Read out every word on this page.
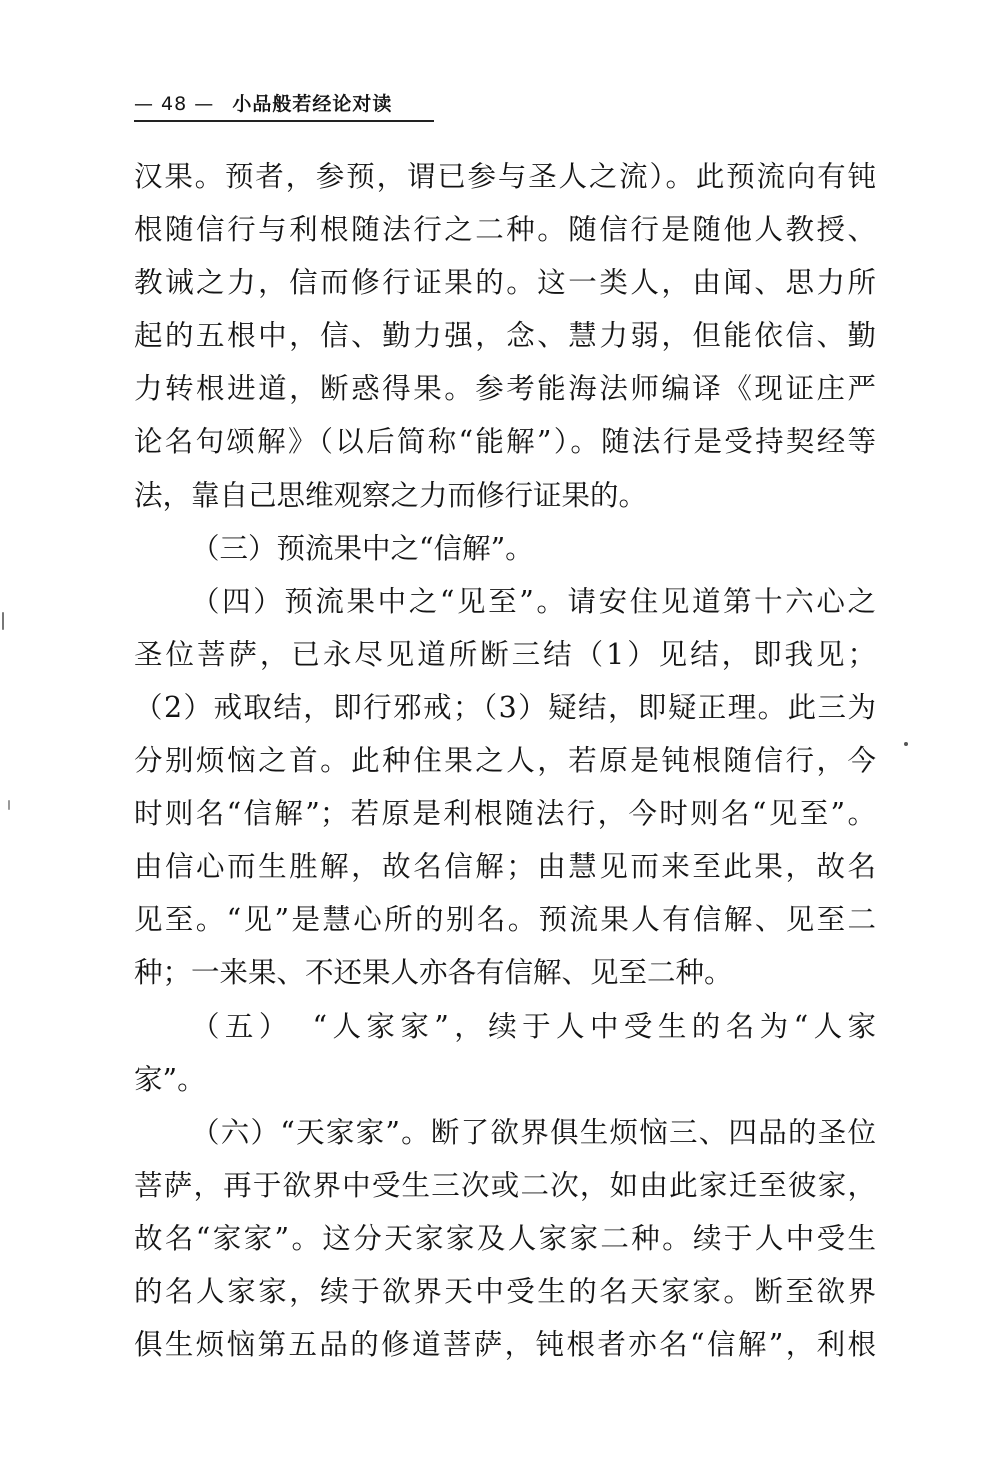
— 48 — 小品般若经论对读
汉果。预者，参预，谓已参与圣人之流）。此预流向有钝
根随信行与利根随法行之二种。随信行是随他人教授、
教诫之力，信而修行证果的。这一类人，由闻、思力所
起的五根中，信、勤力强，念、慧力弱，但能依信、勤
力转根进道，断惑得果。参考能海法师编译《现证庄严
论名句颂解》（以后简称“能解”）。随法行是受持契经等
法，靠自己思维观察之力而修行证果的。
（三）预流果中之“信解”。
（四）预流果中之“见至”。请安住见道第十六心之
圣位菩萨，已永尽见道所断三结（1）见结，即我见；
（2）戒取结，即行邪戒；（3）疑结，即疑正理。此三为
分别烦恼之首。此种住果之人，若原是钝根随信行，今
时则名“信解”；若原是利根随法行，今时则名“见至”。
由信心而生胜解，故名信解；由慧见而来至此果，故名
见至。“见”是慧心所的别名。预流果人有信解、见至二
种；一来果、不还果人亦各有信解、见至二种。
（五）　“人家家”，续于人中受生的名为“人家
家”。
（六）“天家家”。断了欲界俱生烦恼三、四品的圣位
菩萨，再于欲界中受生三次或二次，如由此家迁至彼家，
故名“家家”。这分天家家及人家家二种。续于人中受生
的名人家家，续于欲界天中受生的名天家家。断至欲界
俱生烦恼第五品的修道菩萨，钝根者亦名“信解”，利根
